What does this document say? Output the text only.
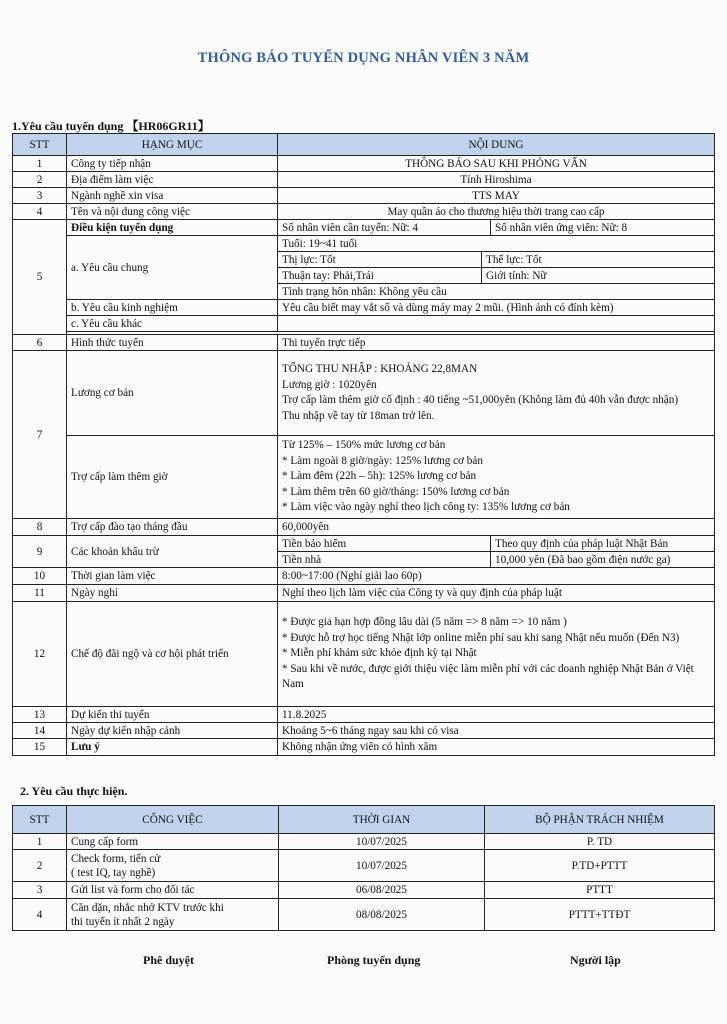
THÔNG BÁO TUYỂN DỤNG NHÂN VIÊN 3 NĂM
1.Yêu cầu tuyển dụng 【HR06GR11】
STT	HẠNG MỤC	NỘI DUNG		
1	Công ty tiếp nhận	THÔNG BÁO SAU KHI PHỎNG VẤN		
2	Địa điểm làm việc	Tỉnh Hiroshima		
3	Ngành nghề xin visa	TTS MAY		
4	Tên và nội dung công việc	May quần áo cho thương hiệu thời trang cao cấp		
5	Điều kiện tuyển dụng	Số nhân viên cần tuyển: Nữ: 4		Số nhân viên ứng viên: Nữ: 8
	a. Yêu cầu chung	Tuổi: 19~41 tuổi		
		Thị lực: Tốt	Thể lực: Tốt	
		Thuận tay: Phải,Trái	Giới tính: Nữ	
		Tình trạng hôn nhân: Không yêu cầu		
	b. Yêu cầu kinh nghiệm	Yêu cầu biết may vắt sổ và dùng máy may 2 mũi. (Hình ảnh có đính kèm)		
	c. Yêu cầu khác			

6	Hình thức tuyển	Thi tuyển trực tiếp		
7	Lương cơ bản	TỔNG THU NHẬP : KHOẢNG 22,8MAN
Lương giờ : 1020yên
Trợ cấp làm thêm giờ cố định : 40 tiếng ~51,000yên (Không làm đủ 40h vẫn được nhận)
Thu nhập về tay từ 18man trở lên.		

	Trợ cấp làm thêm giờ	Từ 125% – 150% mức lương cơ bản
* Làm ngoài 8 giờ/ngày: 125% lương cơ bản
* Làm đêm (22h – 5h): 125% lương cơ bản
* Làm thêm trên 60 giờ/tháng: 150% lương cơ bản
* Làm việc vào ngày nghỉ theo lịch công ty: 135% lương cơ bản		

8	Trợ cấp đào tạo tháng đầu	60,000yên		
9	Các khoản khấu trừ	Tiền bảo hiểm		Theo quy định của pháp luật Nhật Bản
		Tiền nhà		10,000 yên (Đã bao gồm điện nước ga)
10	Thời gian làm việc	8:00~17:00 (Nghỉ giải lao 60p)		
11	Ngày nghỉ	Nghỉ theo lịch làm việc của Công ty và quy định của pháp luật		
12	Chế độ đãi ngộ và cơ hội phát triển	* Được gia hạn hợp đồng lâu dài (5 năm => 8 năm => 10 năm )
* Được hỗ trợ học tiếng Nhật lớp online miễn phí sau khi sang Nhật nếu muốn (Đến N3)
* Miễn phí khám sức khỏe định kỳ tại Nhật
* Sau khi về nước, được giới thiệu việc làm miễn phí với các doanh nghiệp Nhật Bản ở Việt Nam		

13	Dự kiến thi tuyển	11.8.2025		
14	Ngày dự kiến nhập cảnh	Khoảng 5~6 tháng ngay sau khi có visa		
15	Lưu ý	Không nhận ứng viên có hình xăm		
2. Yêu cầu thực hiện.
STT	CÔNG VIỆC	THỜI GIAN	BỘ PHẬN TRÁCH NHIỆM
1	Cung cấp form	10/07/2025	P. TD
2	Check form, tiến cử
( test IQ, tay nghề)	10/07/2025	P.TD+PTTT
3	Gửi list và form cho đối tác	06/08/2025	PTTT
4	Căn dặn, nhắc nhở KTV trước khi
thi tuyển ít nhất 2 ngày	08/08/2025	PTTT+TTĐT
Phê duyệt	Phòng tuyển dụng	Người lập
